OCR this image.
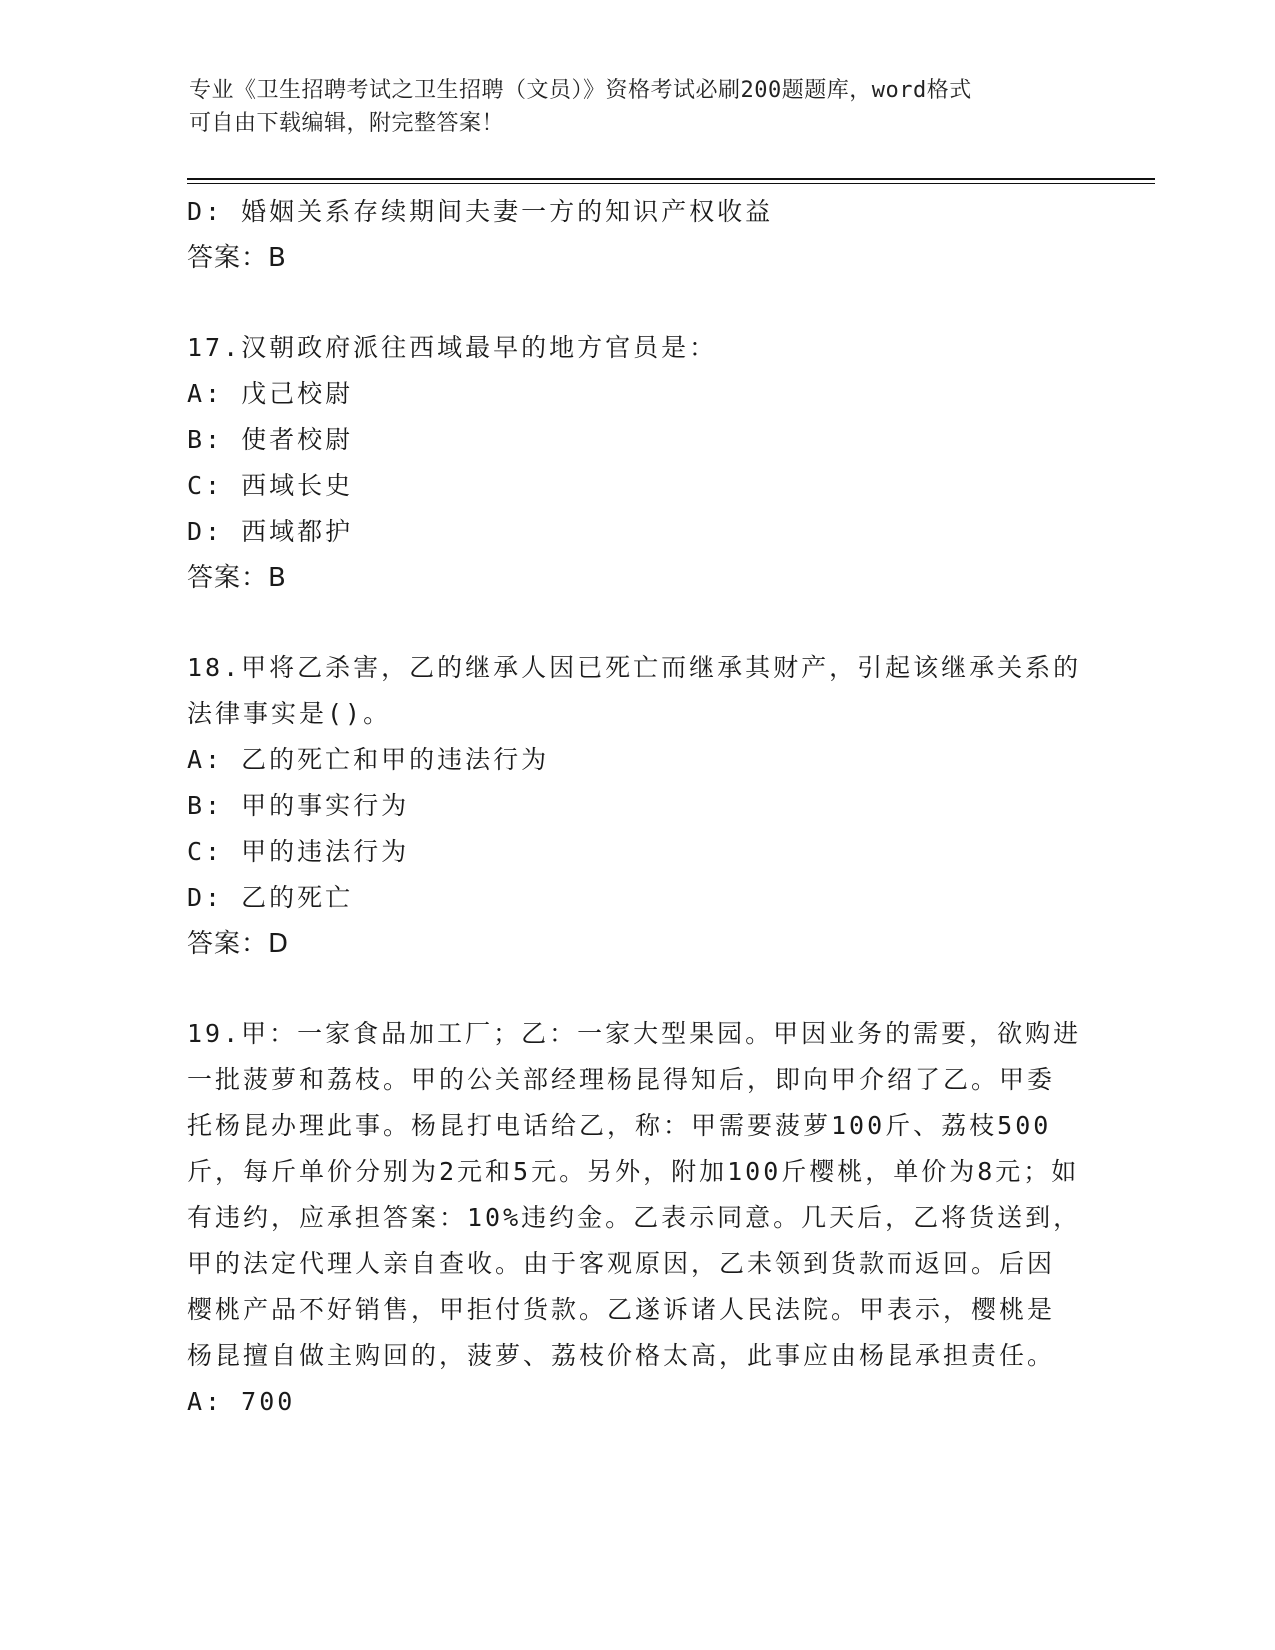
专业《卫生招聘考试之卫生招聘（文员）》资格考试必刷200题题库，word格式
可自由下载编辑，附完整答案！
D: 婚姻关系存续期间夫妻一方的知识产权收益
答案：B
17.汉朝政府派往西域最早的地方官员是：
A: 戊己校尉
B: 使者校尉
C: 西域长史
D: 西域都护
答案：B
18.甲将乙杀害，乙的继承人因已死亡而继承其财产，引起该继承关系的法律事实是()。
A: 乙的死亡和甲的违法行为
B: 甲的事实行为
C: 甲的违法行为
D: 乙的死亡
答案：D
19.甲：一家食品加工厂；乙：一家大型果园。甲因业务的需要，欲购进一批菠萝和荔枝。甲的公关部经理杨昆得知后，即向甲介绍了乙。甲委托杨昆办理此事。杨昆打电话给乙，称：甲需要菠萝100斤、荔枝500斤，每斤单价分别为2元和5元。另外，附加100斤樱桃，单价为8元；如有违约，应承担答案：10%违约金。乙表示同意。几天后，乙将货送到，甲的法定代理人亲自查收。由于客观原因，乙未领到货款而返回。后因樱桃产品不好销售，甲拒付货款。乙遂诉诸人民法院。甲表示，樱桃是杨昆擅自做主购回的，菠萝、荔枝价格太高，此事应由杨昆承担责任。
A: 700
